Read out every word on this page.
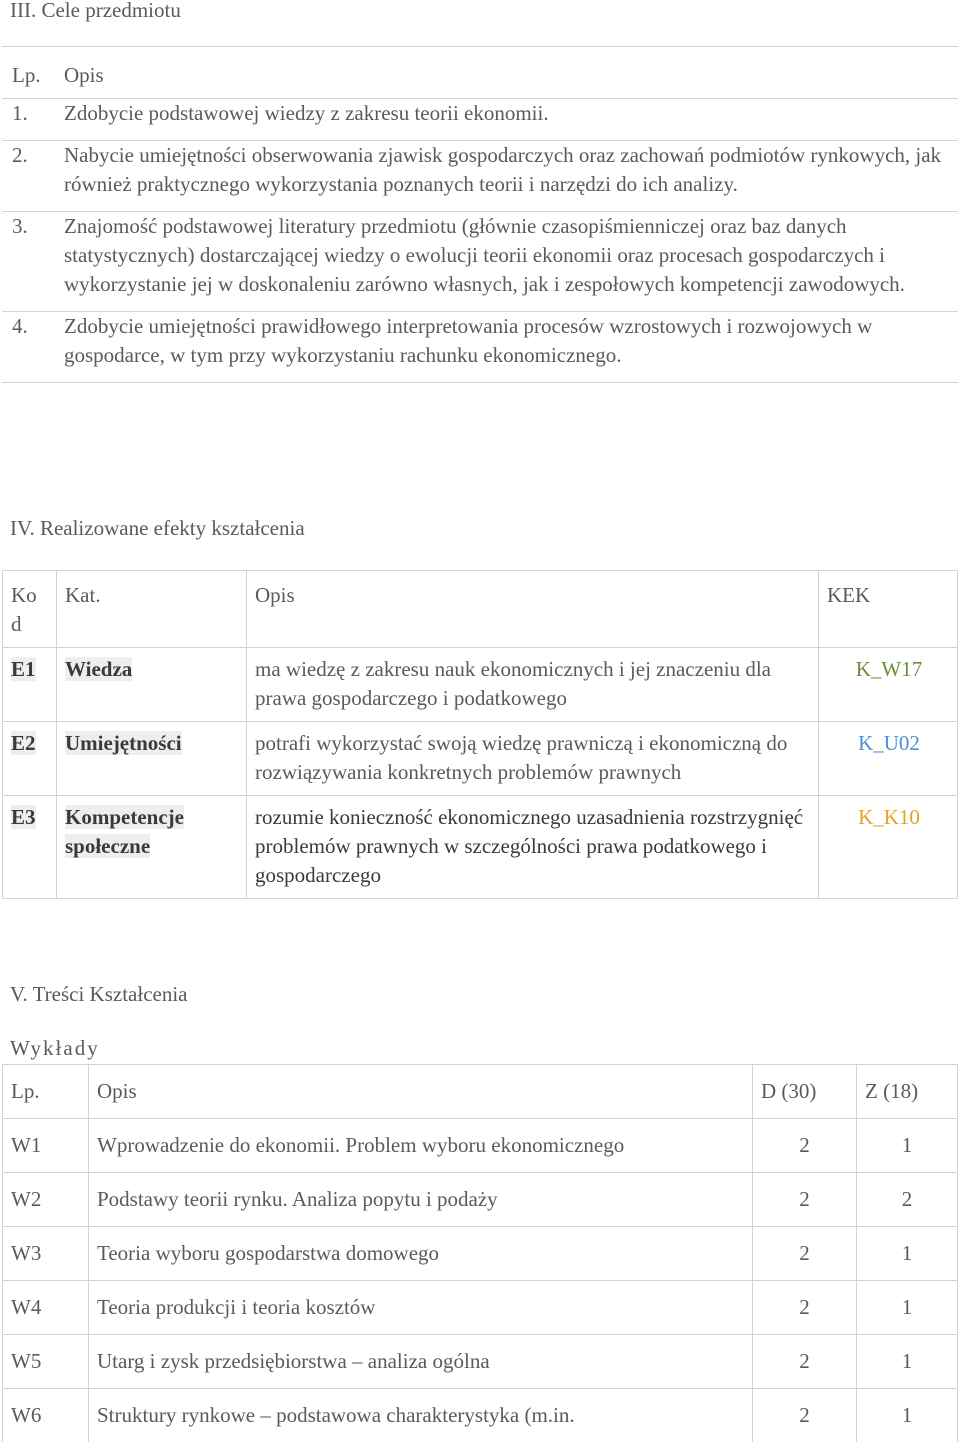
III. Cele przedmiotu
Lp.	Opis
1.	Zdobycie podstawowej wiedzy z zakresu teorii ekonomii.
2.	Nabycie umiejętności obserwowania zjawisk gospodarczych oraz zachowań podmiotów rynkowych, jak również praktycznego wykorzystania poznanych teorii i narzędzi do ich analizy.
3.	Znajomość podstawowej literatury przedmiotu (głównie czasopiśmienniczej oraz baz danych statystycznych) dostarczającej wiedzy o ewolucji teorii ekonomii oraz procesach gospodarczych i wykorzystanie jej w doskonaleniu zarówno własnych, jak i zespołowych kompetencji zawodowych.
4.	Zdobycie umiejętności prawidłowego interpretowania procesów wzrostowych i rozwojowych w gospodarce, w tym przy wykorzystaniu rachunku ekonomicznego.
IV. Realizowane efekty kształcenia
Kod	Kat.	Opis	KEK
E1	Wiedza	ma wiedzę z zakresu nauk ekonomicznych i jej znaczeniu dla prawa gospodarczego i podatkowego	K_W17
E2	Umiejętności	potrafi wykorzystać swoją wiedzę prawniczą i ekonomiczną do rozwiązywania konkretnych problemów prawnych	K_U02
E3	Kompetencje społeczne	rozumie konieczność ekonomicznego uzasadnienia rozstrzygnięć problemów prawnych w szczególności prawa podatkowego i gospodarczego	K_K10
V. Treści Kształcenia
Wykłady
Lp.	Opis	D (30)	Z (18)
W1	Wprowadzenie do ekonomii. Problem wyboru ekonomicznego	2	1
W2	Podstawy teorii rynku. Analiza popytu i podaży	2	2
W3	Teoria wyboru gospodarstwa domowego	2	1
W4	Teoria produkcji i teoria kosztów	2	1
W5	Utarg i zysk przedsiębiorstwa – analiza ogólna	2	1
W6	Struktury rynkowe – podstawowa charakterystyka (m.in.	2	1
